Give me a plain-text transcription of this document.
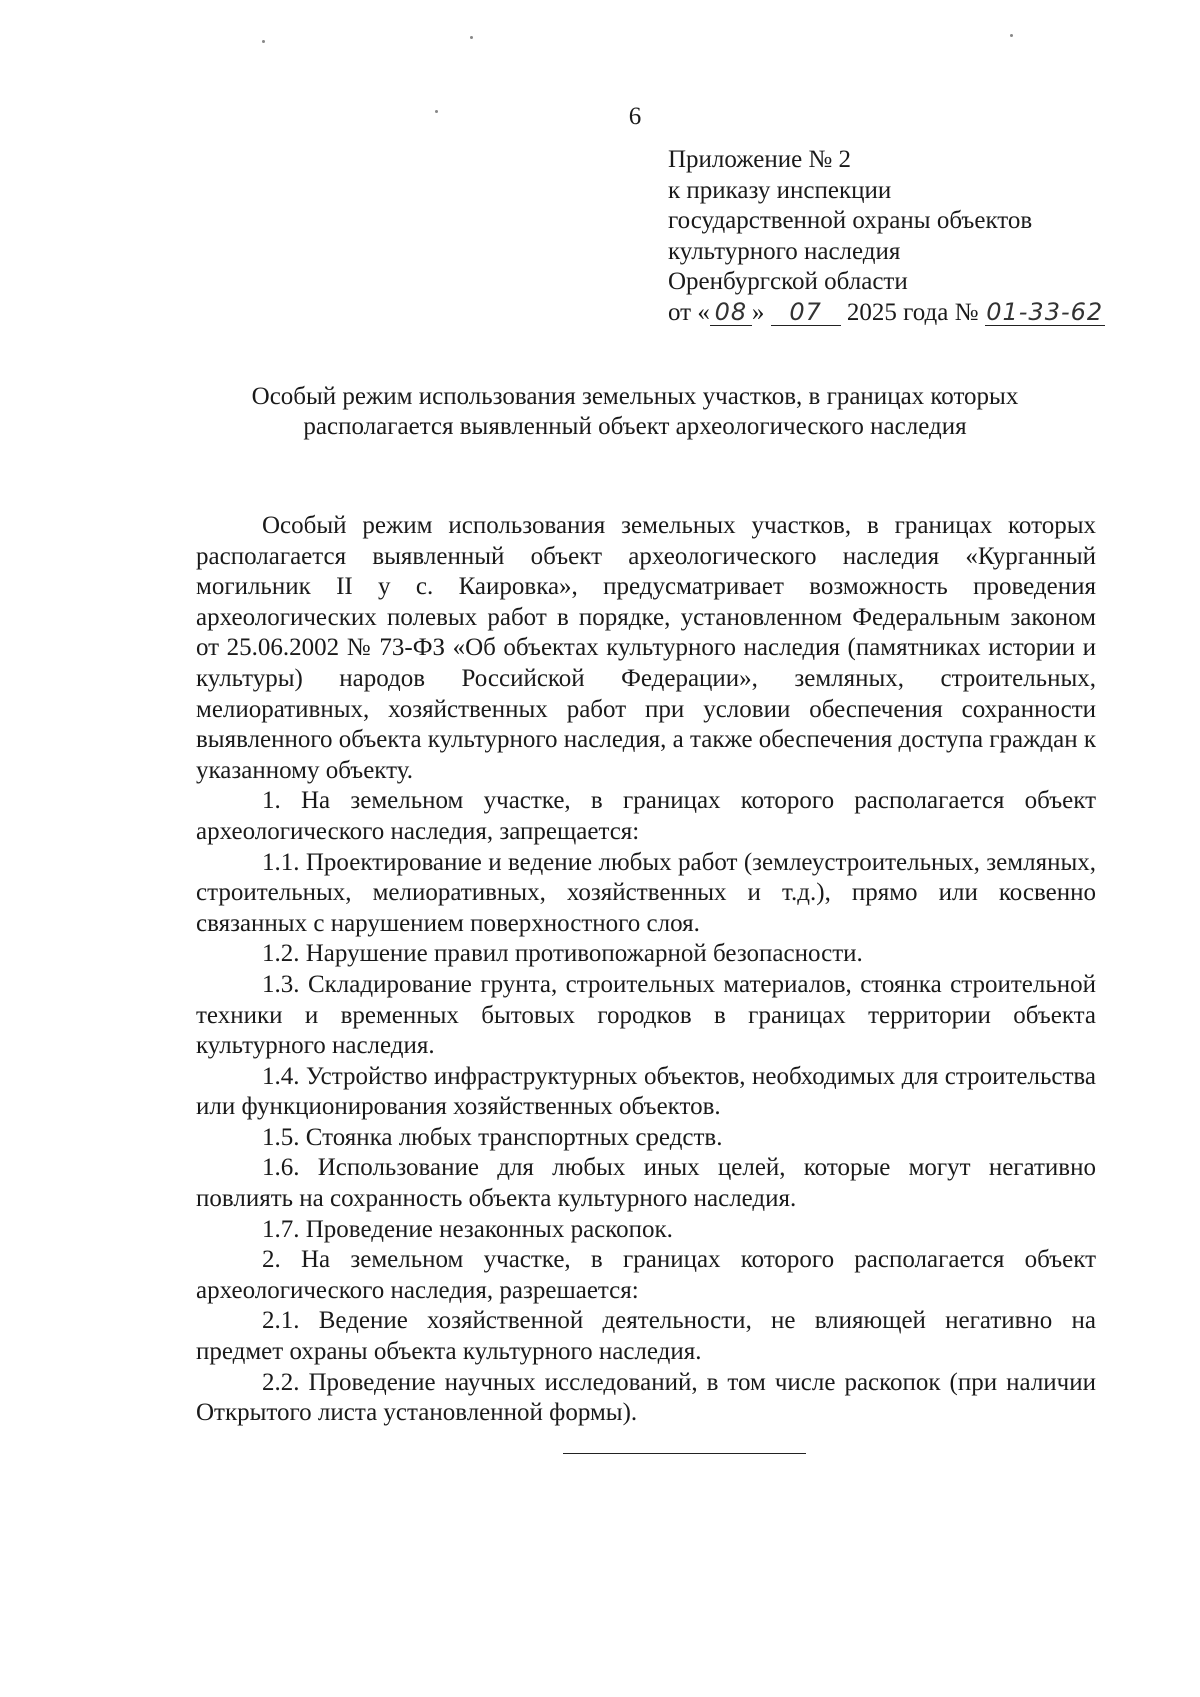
6
Приложение № 2
к приказу инспекции
государственной охраны объектов
культурного наследия
Оренбургской области
от « 08 » 07 2025 года № 01-33-62
Особый режим использования земельных участков, в границах которых
располагается выявленный объект археологического наследия

Особый режим использования земельных участков, в границах которых располагается выявленный объект археологического наследия «Курганный могильник II у с. Каировка», предусматривает возможность проведения археологических полевых работ в порядке, установленном Федеральным законом от 25.06.2002 № 73-ФЗ «Об объектах культурного наследия (памятниках истории и культуры) народов Российской Федерации», земляных, строительных, мелиоративных, хозяйственных работ при условии обеспечения сохранности выявленного объекта культурного наследия, а также обеспечения доступа граждан к указанному объекту.

1. На земельном участке, в границах которого располагается объект археологического наследия, запрещается:

1.1. Проектирование и ведение любых работ (землеустроительных, земляных, строительных, мелиоративных, хозяйственных и т.д.), прямо или косвенно связанных с нарушением поверхностного слоя.

1.2. Нарушение правил противопожарной безопасности.

1.3. Складирование грунта, строительных материалов, стоянка строительной техники и временных бытовых городков в границах территории объекта культурного наследия.

1.4. Устройство инфраструктурных объектов, необходимых для строительства или функционирования хозяйственных объектов.

1.5. Стоянка любых транспортных средств.

1.6. Использование для любых иных целей, которые могут негативно повлиять на сохранность объекта культурного наследия.

1.7. Проведение незаконных раскопок.

2. На земельном участке, в границах которого располагается объект археологического наследия, разрешается:

2.1. Ведение хозяйственной деятельности, не влияющей негативно на предмет охраны объекта культурного наследия.

2.2. Проведение научных исследований, в том числе раскопок (при наличии Открытого листа установленной формы).
